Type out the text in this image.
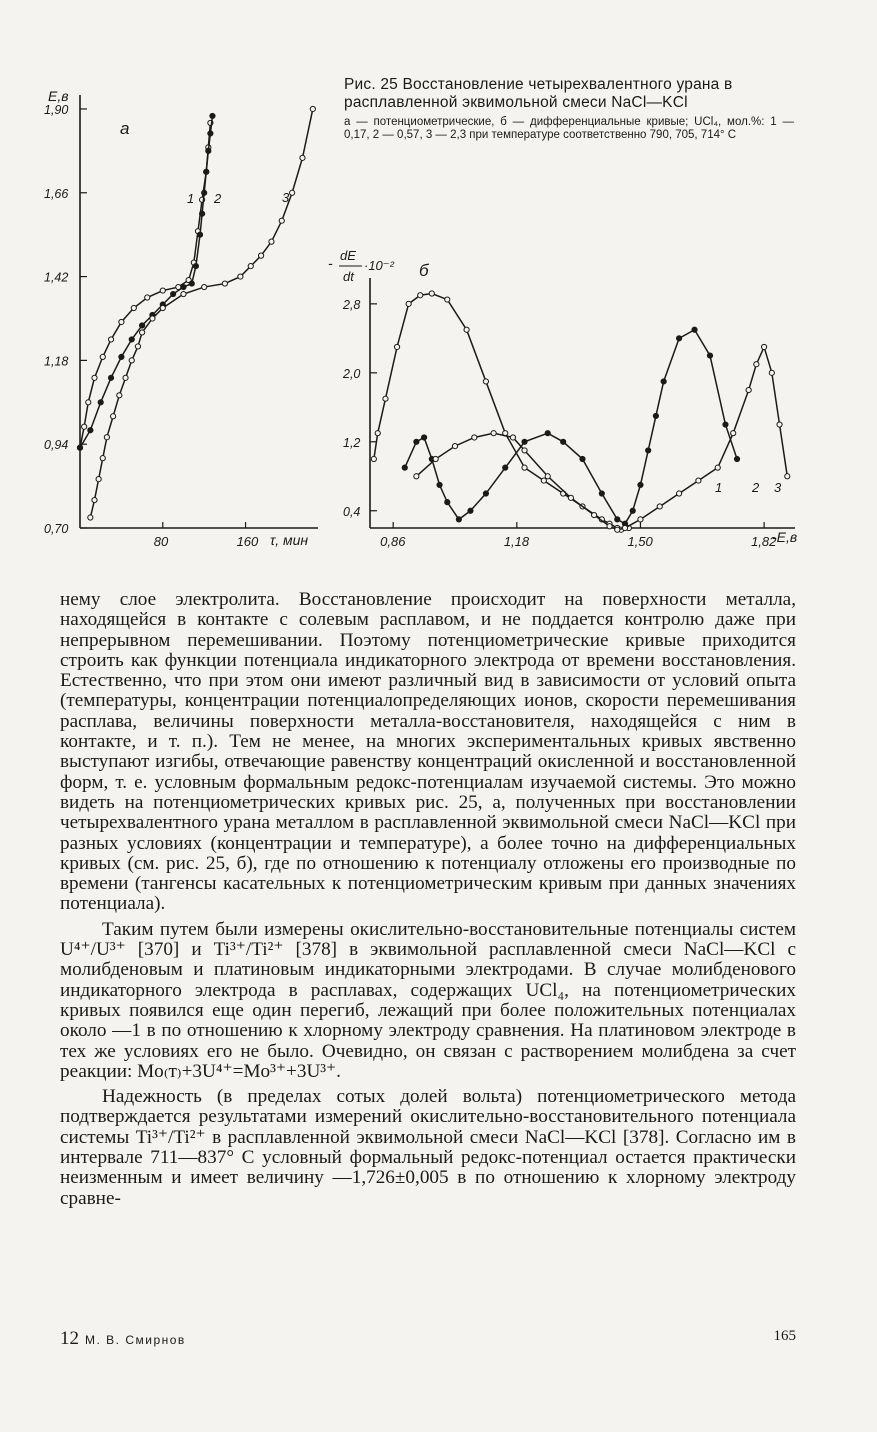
E,в
τ, мин
а
1,90
1,66
1,42
1,18
0,94
0,70
80	160
1 2	3
- dE
dt
·10⁻² б
-E,в
2,8
2,0
1,2
0,4
0,86	1,18	1,50	1,82
1 2 3

Рис. 25 Восстановление четырехвалентного урана в расплавленной эквимольной смеси NaCl—KCl

а — потенциометрические, б — дифференциальные кривые; UCl₄, мол.%: 1 — 0,17, 2 — 0,57, 3 — 2,3 при температуре соответственно 790, 705, 714° C

нему слое электролита. Восстановление происходит на поверхности металла, находящейся в контакте с солевым расплавом, и не поддается контролю даже при непрерывном перемешивании. Поэтому потенциометрические кривые приходится строить как функции потенциала индикаторного электрода от времени восстановления. Естественно, что при этом они имеют различный вид в зависимости от условий опыта (температуры, концентрации потенциалопределяющих ионов, скорости перемешивания расплава, величины поверхности металла-восстановителя, находящейся с ним в контакте, и т. п.). Тем не менее, на многих экспериментальных кривых явственно выступают изгибы, отвечающие равенству концентраций окисленной и восстановленной форм, т. е. условным формальным редокс-потенциалам изучаемой системы. Это можно видеть на потенциометрических кривых рис. 25, а, полученных при восстановлении четырехвалентного урана металлом в расплавленной эквимольной смеси NaCl—KCl при разных условиях (концентрации и температуре), а более точно на дифференциальных кривых (см. рис. 25, б), где по отношению к потенциалу отложены его производные по времени (тангенсы касательных к потенциометрическим кривым при данных значениях потенциала).

Таким путем были измерены окислительно-восстановительные потенциалы систем U⁴⁺/U³⁺ [370] и Ti³⁺/Ti²⁺ [378] в эквимольной расплавленной смеси NaCl—KCl с молибденовым и платиновым индикаторными электродами. В случае молибденового индикаторного электрода в расплавах, содержащих UCl₄, на потенциометрических кривых появился еще один перегиб, лежащий при более положительных потенциалах около —1 в по отношению к хлорному электроду сравнения. На платиновом электроде в тех же условиях его не было. Очевидно, он связан с растворением молибдена за счет реакции: Mo₍т₎+3U⁴⁺=Mo³⁺+3U³⁺.

Надежность (в пределах сотых долей вольта) потенциометрического метода подтверждается результатами измерений окислительно-восстановительного потенциала системы Ti³⁺/Ti²⁺ в расплавленной эквимольной смеси NaCl—KCl [378]. Согласно им в интервале 711—837° C условный формальный редокс-потенциал остается практически неизменным и имеет величину —1,726±0,005 в по отношению к хлорному электроду сравне-

12 М. В. Смирнов	165
